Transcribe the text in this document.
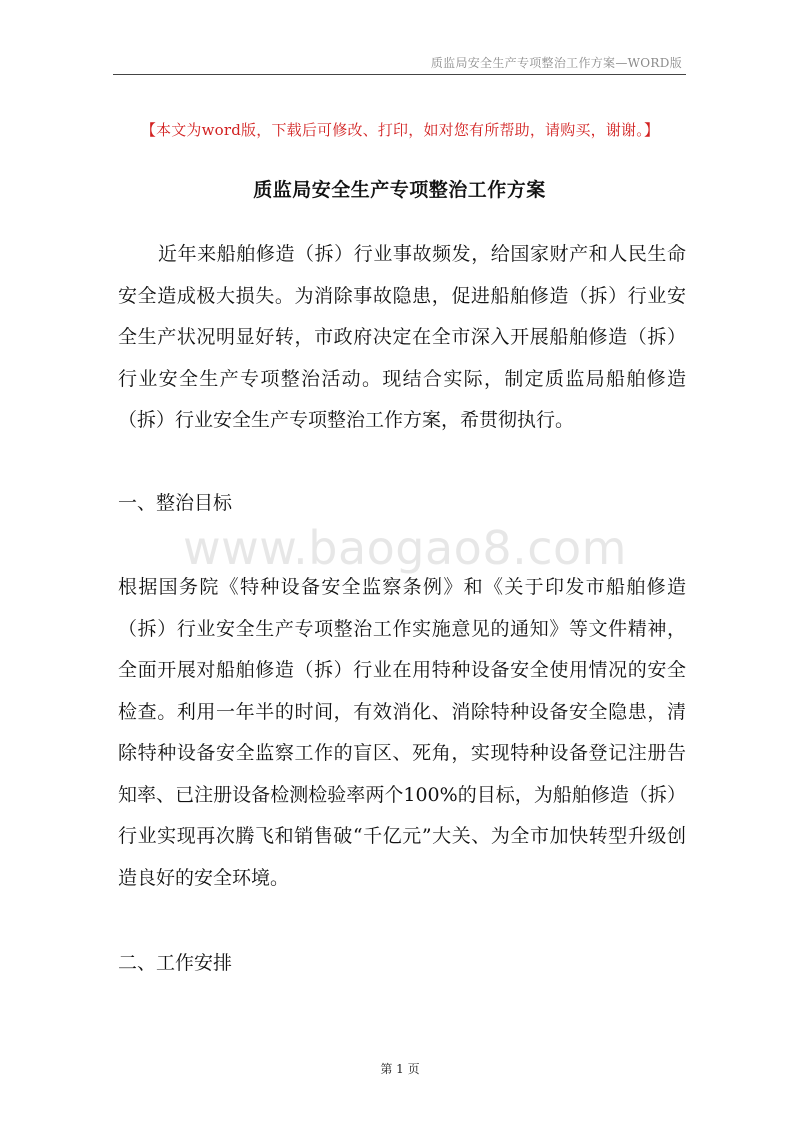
质监局安全生产专项整治工作方案—WORD版
【本文为word版，下载后可修改、打印，如对您有所帮助，请购买，谢谢。】
质监局安全生产专项整治工作方案

近年来船舶修造（拆）行业事故频发，给国家财产和人民生命安全造成极大损失。为消除事故隐患，促进船舶修造（拆）行业安全生产状况明显好转，市政府决定在全市深入开展船舶修造（拆）行业安全生产专项整治活动。现结合实际，制定质监局船舶修造（拆）行业安全生产专项整治工作方案，希贯彻执行。

一、整治目标

www.baogao8.com

根据国务院《特种设备安全监察条例》和《关于印发市船舶修造（拆）行业安全生产专项整治工作实施意见的通知》等文件精神，全面开展对船舶修造（拆）行业在用特种设备安全使用情况的安全检查。利用一年半的时间，有效消化、消除特种设备安全隐患，清除特种设备安全监察工作的盲区、死角，实现特种设备登记注册告知率、已注册设备检测检验率两个100%的目标，为船舶修造（拆）行业实现再次腾飞和销售破“千亿元”大关、为全市加快转型升级创造良好的安全环境。

二、工作安排

第 1 页
